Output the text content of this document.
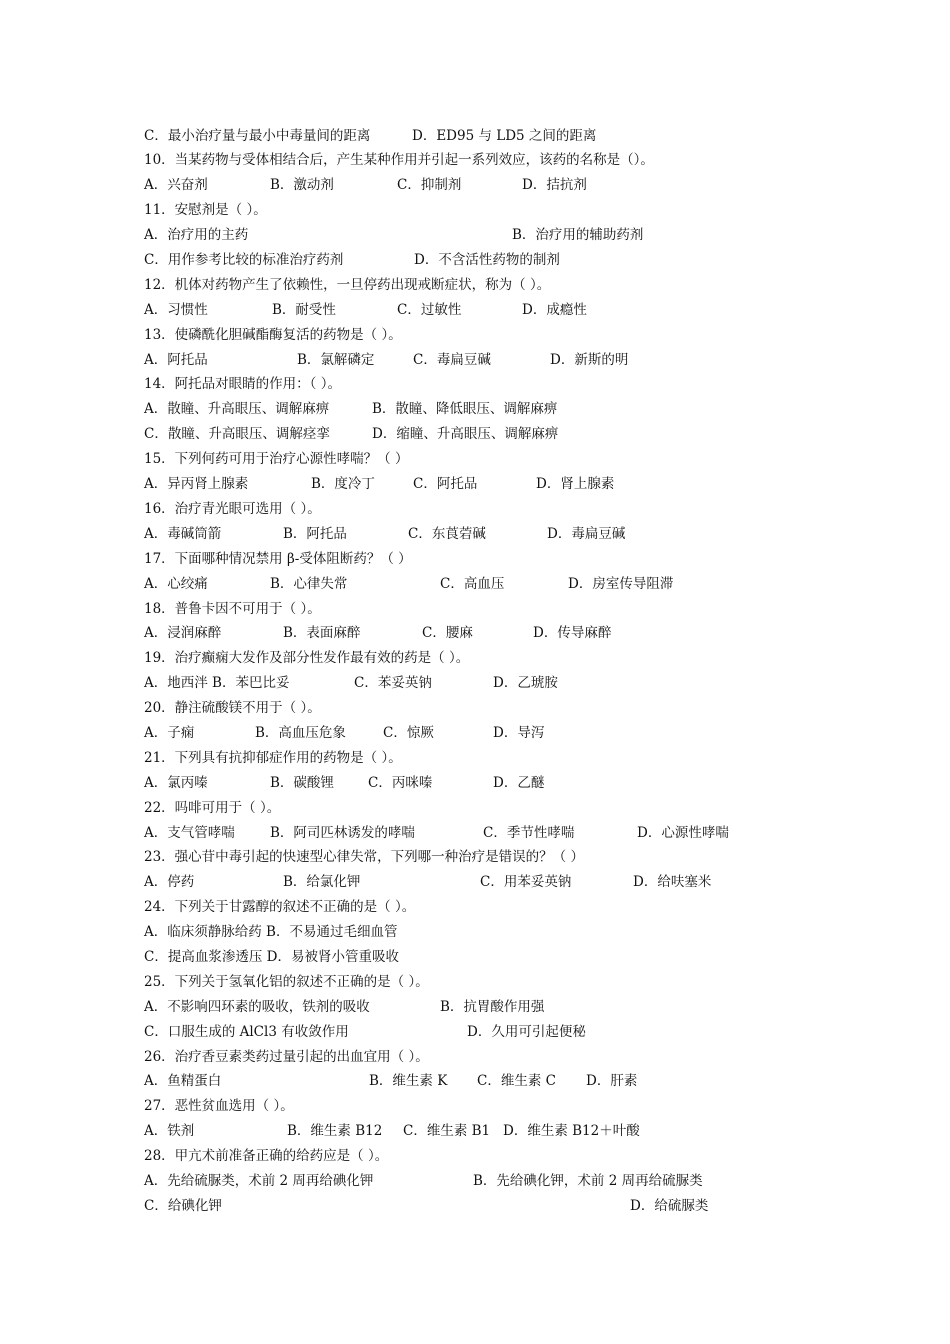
C．最小治疗量与最小中毒量间的距离	D．ED95 与 LD5 之间的距离
10．当某药物与受体相结合后，产生某种作用并引起一系列效应，该药的名称是（）。
A．兴奋剂	B．激动剂	C．抑制剂	D．拮抗剂
11．安慰剂是（ ）。
A．治疗用的主药	B．治疗用的辅助药剂
C．用作参考比较的标准治疗药剂	D．不含活性药物的制剂
12．机体对药物产生了依赖性，一旦停药出现戒断症状，称为（ ）。
A．习惯性	B．耐受性	C．过敏性	D．成瘾性
13．使磷酰化胆碱酯酶复活的药物是（ ）。
A．阿托品	B．氯解磷定	C．毒扁豆碱	D．新斯的明
14．阿托品对眼睛的作用：（ ）。
A．散瞳、升高眼压、调解麻痹	B．散瞳、降低眼压、调解麻痹
C．散瞳、升高眼压、调解痉挛	D．缩瞳、升高眼压、调解麻痹
15．下列何药可用于治疗心源性哮喘？（ ）
A．异丙肾上腺素	B．度冷丁	C．阿托品	D．肾上腺素
16．治疗青光眼可选用（ ）。
A．毒碱筒箭	B．阿托品	C．东莨菪碱	D．毒扁豆碱
17．下面哪种情况禁用 β-受体阻断药？（ ）
A．心绞痛	B．心律失常	C．高血压	D．房室传导阻滞
18．普鲁卡因不可用于（ ）。
A．浸润麻醉	B．表面麻醉	C．腰麻	D．传导麻醉
19．治疗癫痫大发作及部分性发作最有效的药是（ ）。
A．地西泮 B．苯巴比妥	C．苯妥英钠	D．乙琥胺
20．静注硫酸镁不用于（ ）。
A．子痫	B．高血压危象	C．惊厥	D．导泻
21．下列具有抗抑郁症作用的药物是（ ）。
A．氯丙嗪	B．碳酸锂	C．丙咪嗪	D．乙醚
22．吗啡可用于（ ）。
A．支气管哮喘	B．阿司匹林诱发的哮喘	C．季节性哮喘	D．心源性哮喘
23．强心苷中毒引起的快速型心律失常，下列哪一种治疗是错误的？（ ）
A．停药	B．给氯化钾	C．用苯妥英钠	D．给呋塞米
24．下列关于甘露醇的叙述不正确的是（ ）。
A．临床须静脉给药 B．不易通过毛细血管
C．提高血浆渗透压 D．易被肾小管重吸收
25．下列关于氢氧化铝的叙述不正确的是（ ）。
A．不影响四环素的吸收，铁剂的吸收	B．抗胃酸作用强
C．口服生成的 AlCl3 有收敛作用	D．久用可引起便秘
26．治疗香豆素类药过量引起的出血宜用（ ）。
A．鱼精蛋白	B．维生素 K C．维生素 C D．肝素
27．恶性贫血选用（ ）。
A．铁剂	B．维生素 B12 C．维生素 B1 D．维生素 B12＋叶酸
28．甲亢术前准备正确的给药应是（ ）。
A．先给硫脲类，术前 2 周再给碘化钾	B．先给碘化钾，术前 2 周再给硫脲类
C．给碘化钾	D．给硫脲类
